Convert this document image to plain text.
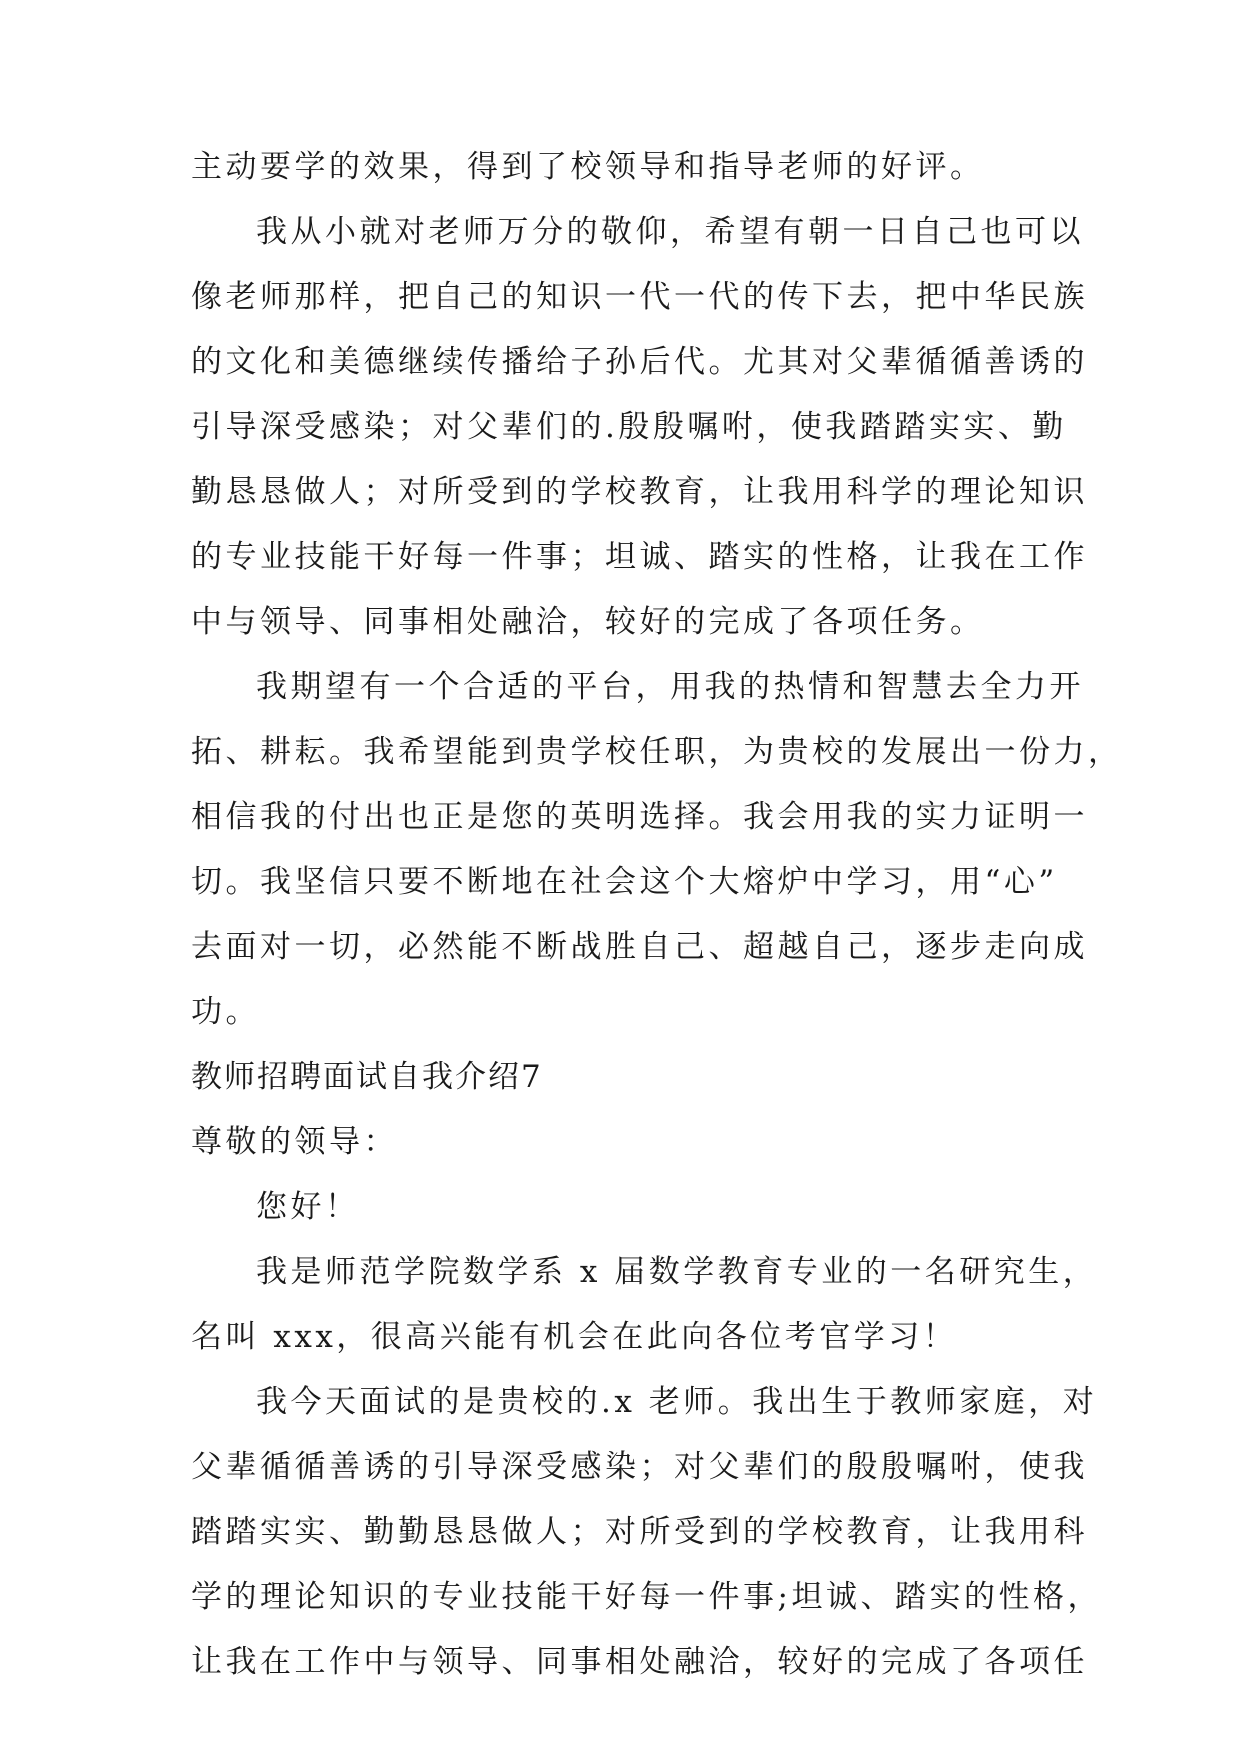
主动要学的效果，得到了校领导和指导老师的好评。
我从小就对老师万分的敬仰，希望有朝一日自己也可以
像老师那样，把自己的知识一代一代的传下去，把中华民族
的文化和美德继续传播给子孙后代。尤其对父辈循循善诱的
引导深受感染；对父辈们的.殷殷嘱咐，使我踏踏实实、勤
勤恳恳做人；对所受到的学校教育，让我用科学的理论知识
的专业技能干好每一件事；坦诚、踏实的性格，让我在工作
中与领导、同事相处融洽，较好的完成了各项任务。
我期望有一个合适的平台，用我的热情和智慧去全力开
拓、耕耘。我希望能到贵学校任职，为贵校的发展出一份力，
相信我的付出也正是您的英明选择。我会用我的实力证明一
切。我坚信只要不断地在社会这个大熔炉中学习，用“心”
去面对一切，必然能不断战胜自己、超越自己，逐步走向成
功。
教师招聘面试自我介绍7
尊敬的领导：
您好！
我是师范学院数学系 x 届数学教育专业的一名研究生，
名叫 xxx，很高兴能有机会在此向各位考官学习！
我今天面试的是贵校的.x 老师。我出生于教师家庭，对
父辈循循善诱的引导深受感染；对父辈们的殷殷嘱咐，使我
踏踏实实、勤勤恳恳做人；对所受到的学校教育，让我用科
学的理论知识的专业技能干好每一件事;坦诚、踏实的性格，
让我在工作中与领导、同事相处融洽，较好的完成了各项任
